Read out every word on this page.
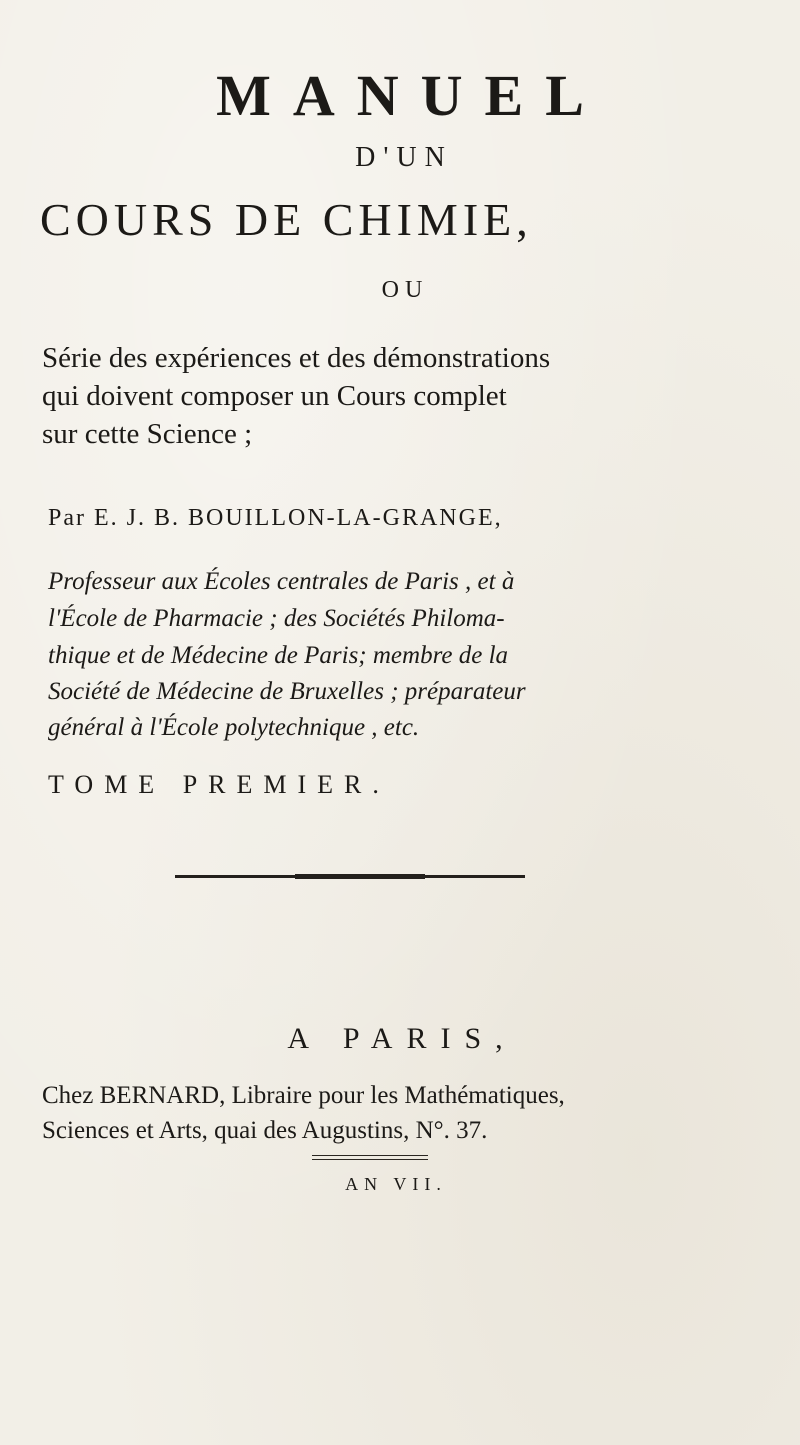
MANUEL
D'UN
COURS DE CHIMIE,
OU
Série des expériences et des démonstrations
qui doivent composer un Cours complet
sur cette Science ;
Par E. J. B. BOUILLON-LA-GRANGE,
Professeur aux Écoles centrales de Paris , et à
l'École de Pharmacie ; des Sociétés Philoma-
thique et de Médecine de Paris; membre de la
Société de Médecine de Bruxelles ; préparateur
général à l'École polytechnique , etc.
TOME PREMIER.
A PARIS,
Chez BERNARD, Libraire pour les Mathématiques,
Sciences et Arts, quai des Augustins, N°. 37.
AN VII.
